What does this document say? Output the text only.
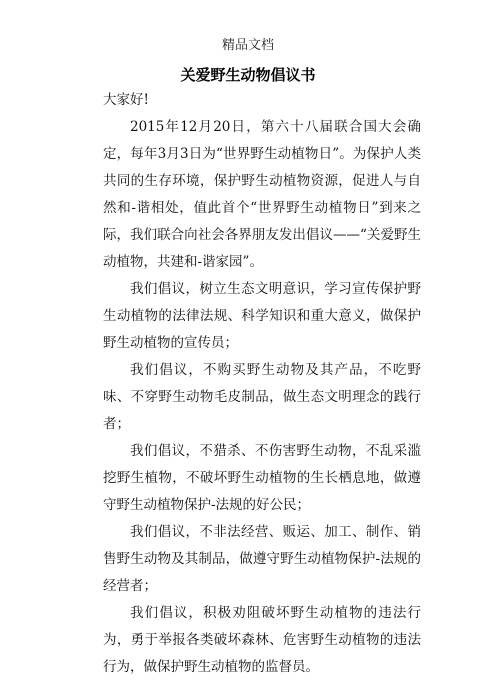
精品文档
关爱野生动物倡议书

大家好!

2015年12月20日，第六十八届联合国大会确定，每年3月3日为“世界野生动植物日”。为保护人类共同的生存环境，保护野生动植物资源，促进人与自然和-谐相处，值此首个“世界野生动植物日”到来之际，我们联合向社会各界朋友发出倡议——“关爱野生动植物，共建和-谐家园”。

我们倡议，树立生态文明意识，学习宣传保护野生动植物的法律法规、科学知识和重大意义，做保护野生动植物的宣传员；

我们倡议，不购买野生动物及其产品，不吃野味、不穿野生动物毛皮制品，做生态文明理念的践行者；

我们倡议，不猎杀、不伤害野生动物，不乱采滥挖野生植物，不破坏野生动植物的生长栖息地，做遵守野生动植物保护-法规的好公民；

我们倡议，不非法经营、贩运、加工、制作、销售野生动物及其制品，做遵守野生动植物保护-法规的经营者；

我们倡议，积极劝阻破坏野生动植物的违法行为，勇于举报各类破坏森林、危害野生动植物的违法行为，做保护野生动植物的监督员。
